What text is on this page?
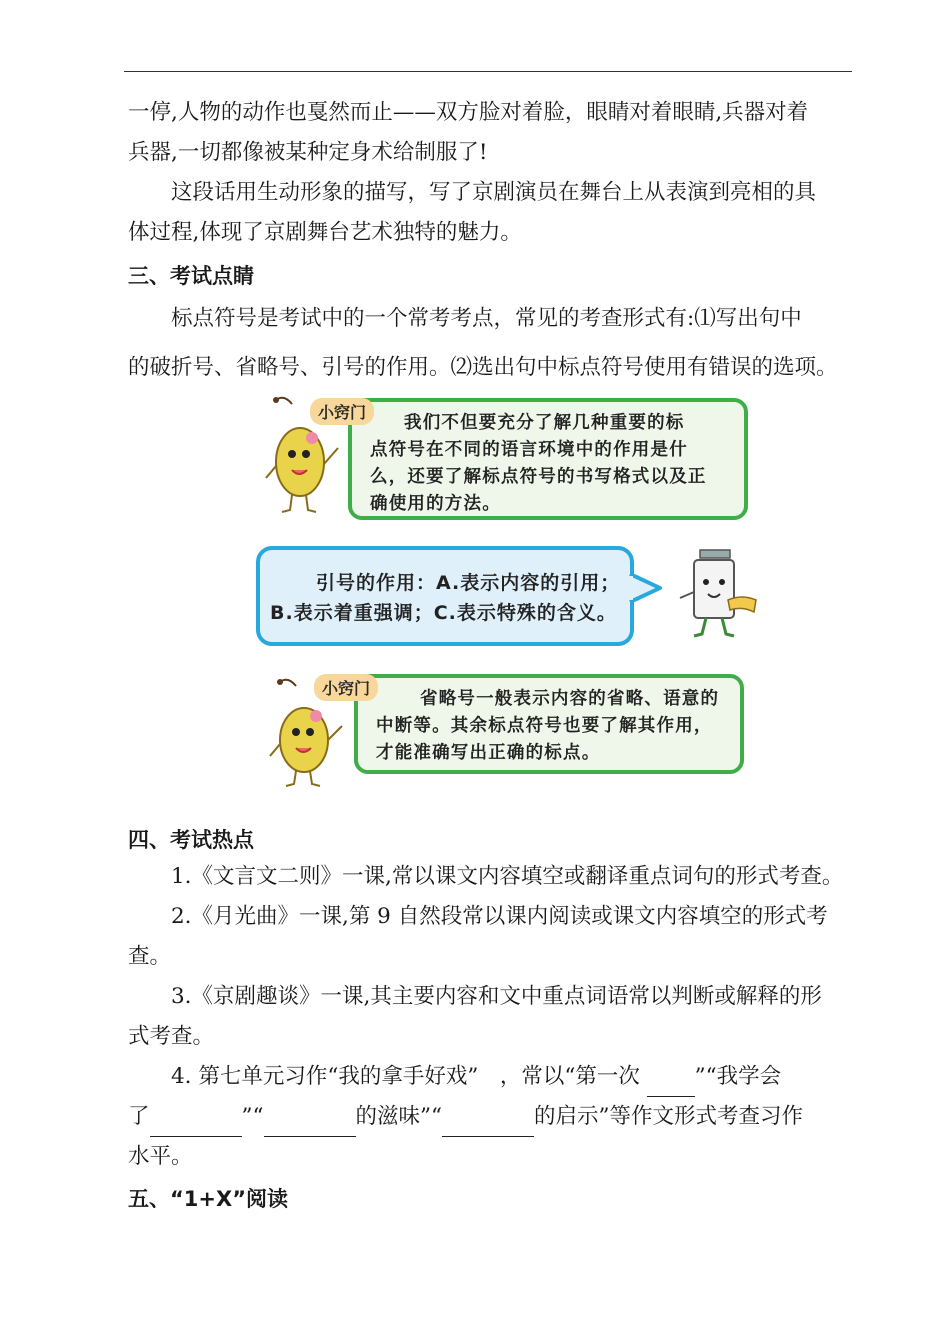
一停,人物的动作也戛然而止——双方脸对着脸，眼睛对着眼睛,兵器对着
兵器,一切都像被某种定身术给制服了!

这段话用生动形象的描写，写了京剧演员在舞台上从表演到亮相的具
体过程,体现了京剧舞台艺术独特的魅力。

三、考试点睛

标点符号是考试中的一个常考考点，常见的考查形式有:⑴写出句中
的破折号、省略号、引号的作用。⑵选出句中标点符号使用有错误的选项。

我们不但要充分了解几种重要的标
点符号在不同的语言环境中的作用是什
么，还要了解标点符号的书写格式以及正
确使用的方法。
小窍门
引号的作用：A.表示内容的引用；
B.表示着重强调；C.表示特殊的含义。
省略号一般表示内容的省略、语意的
中断等。其余标点符号也要了解其作用，
才能准确写出正确的标点。
小窍门
四、考试热点

1.《文言文二则》一课,常以课文内容填空或翻译重点词句的形式考查。

2.《月光曲》一课,第 9 自然段常以课内阅读或课文内容填空的形式考
查。

3.《京剧趣谈》一课,其主要内容和文中重点词语常以判断或解释的形
式考查。

4. 第七单元习作“我的拿手好戏”　，常以“第一次	”“我学会
了	”“	的滋味”“	的启示”等作文形式考查习作
水平。

五、“1+X”阅读
